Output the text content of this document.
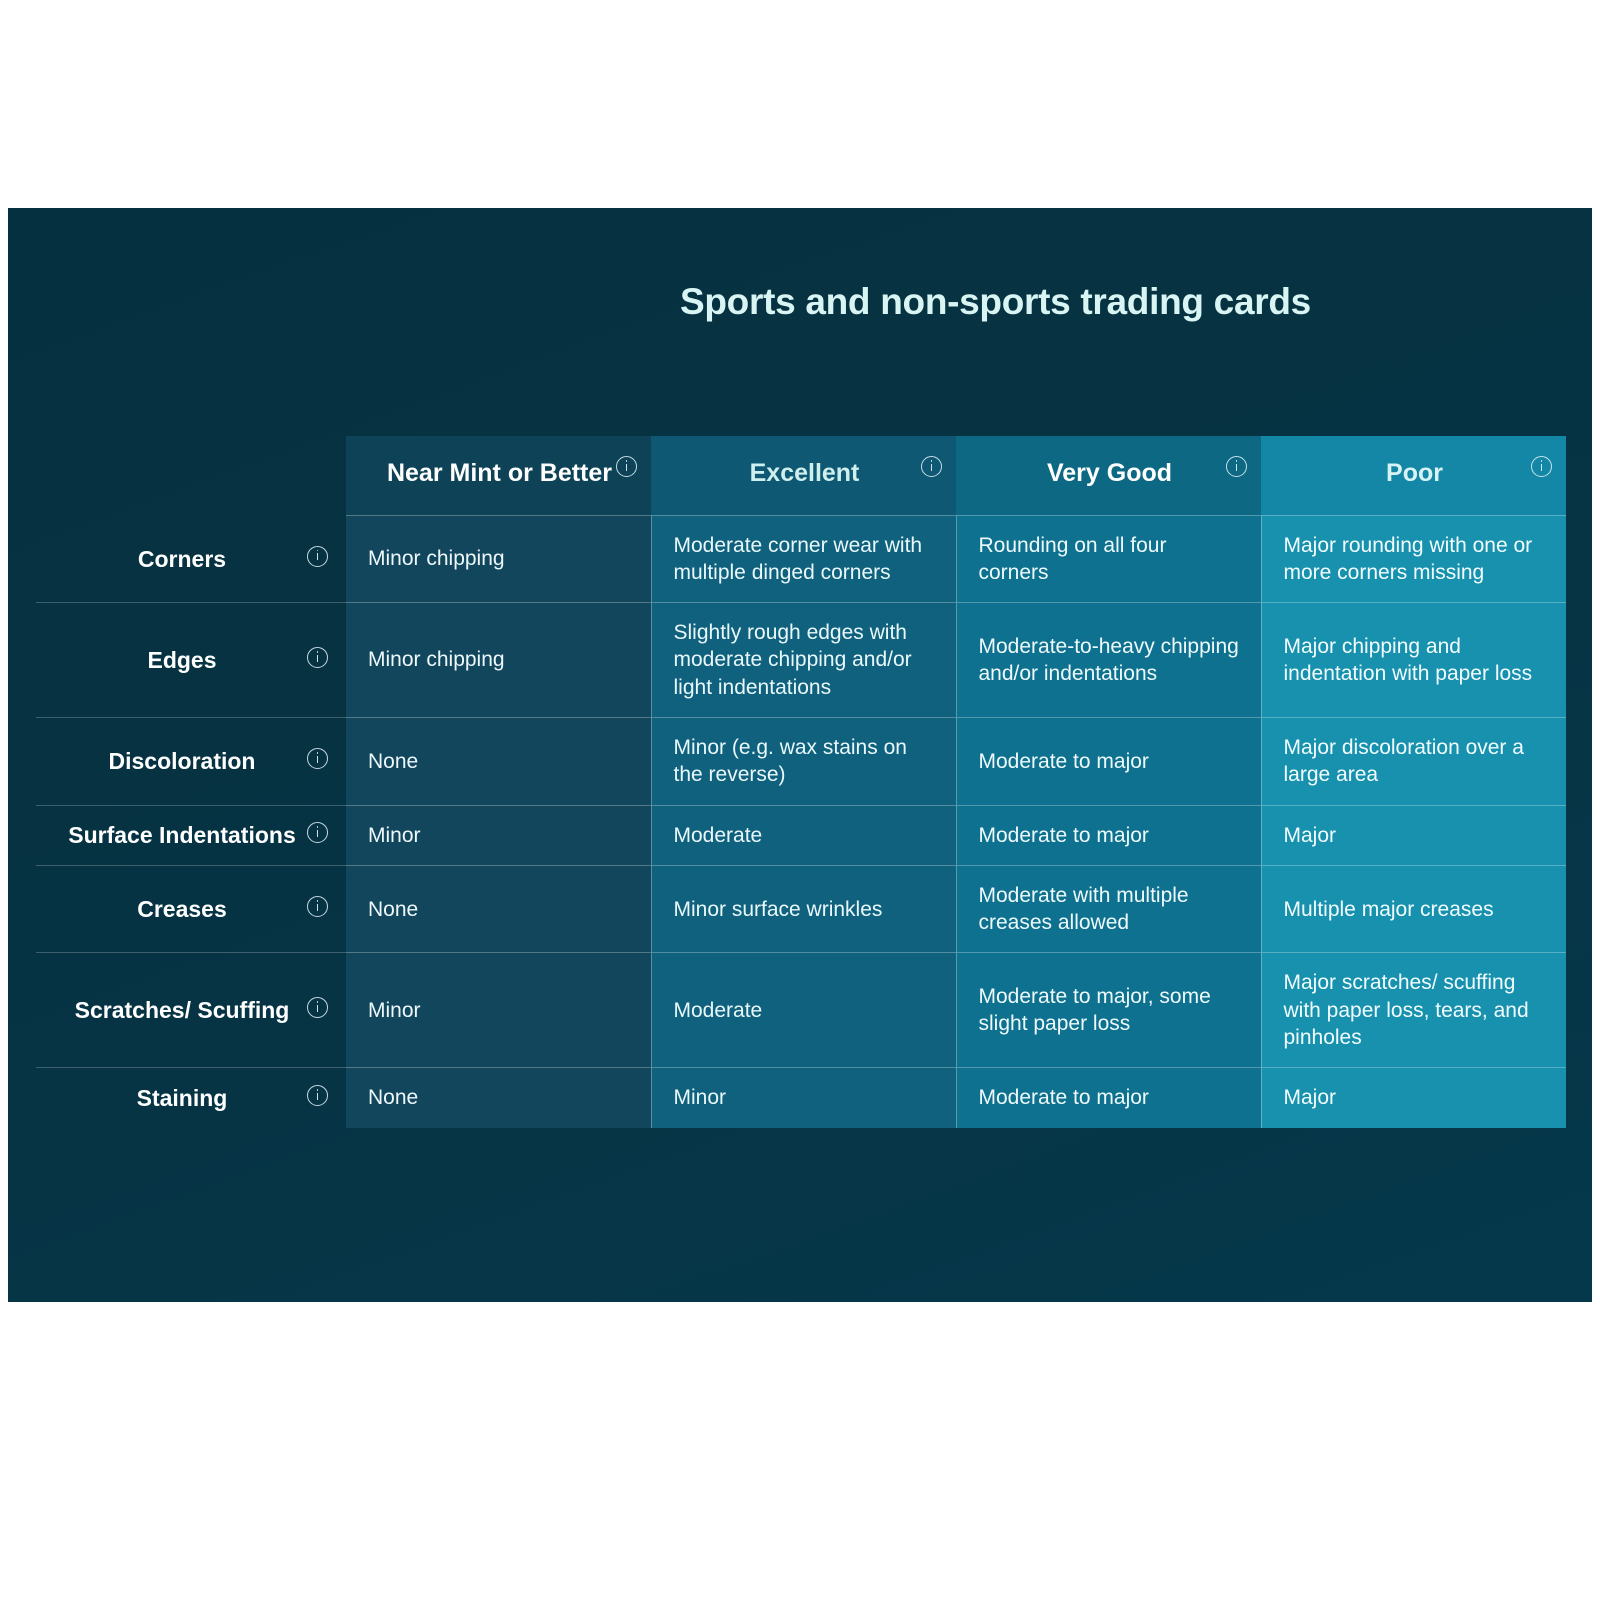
Sports and non-sports trading cards
	Near Mint or Better	Excellent	Very Good	Poor

Corners	Minor chipping	Moderate corner wear with multiple dinged corners	Rounding on all four corners	Major rounding with one or more corners missing
Edges	Minor chipping	Slightly rough edges with moderate chipping and/or light indentations	Moderate-to-heavy chipping and/or indentations	Major chipping and indentation with paper loss
Discoloration	None	Minor (e.g. wax stains on the reverse)	Moderate to major	Major discoloration over a large area
Surface Indentations	Minor	Moderate	Moderate to major	Major
Creases	None	Minor surface wrinkles	Moderate with multiple creases allowed	Multiple major creases
Scratches/ Scuffing	Minor	Moderate	Moderate to major, some slight paper loss	Major scratches/ scuffing with paper loss, tears, and pinholes
Staining	None	Minor	Moderate to major	Major
